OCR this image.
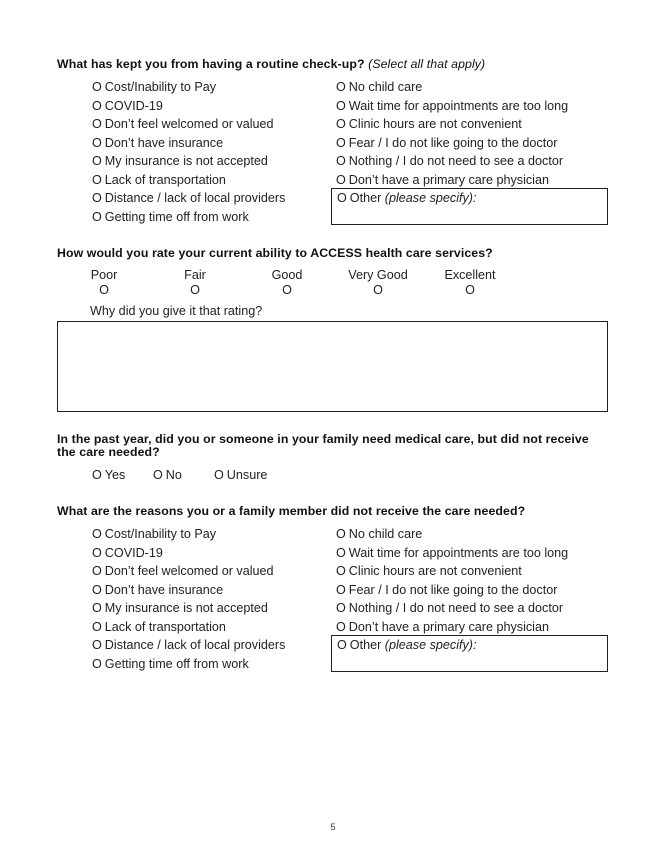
What has kept you from having a routine check-up? (Select all that apply)
O Cost/Inability to Pay
O COVID-19
O Don’t feel welcomed or valued
O Don’t have insurance
O My insurance is not accepted
O Lack of transportation
O Distance / lack of local providers
O Getting time off from work
O No child care
O Wait time for appointments are too long
O Clinic hours are not convenient
O Fear / I do not like going to the doctor
O Nothing / I do not need to see a doctor
O Don’t have a primary care physician
O Other (please specify):
How would you rate your current ability to ACCESS health care services?
Poor
O
Fair
O
Good
O
Very Good
O
Excellent
O
Why did you give it that rating?
In the past year, did you or someone in your family need medical care, but did not receive
the care needed?
O Yes O No	O Unsure
What are the reasons you or a family member did not receive the care needed?
O Cost/Inability to Pay
O COVID-19
O Don’t feel welcomed or valued
O Don’t have insurance
O My insurance is not accepted
O Lack of transportation
O Distance / lack of local providers
O Getting time off from work
O No child care
O Wait time for appointments are too long
O Clinic hours are not convenient
O Fear / I do not like going to the doctor
O Nothing / I do not need to see a doctor
O Don’t have a primary care physician
O Other (please specify):
5
